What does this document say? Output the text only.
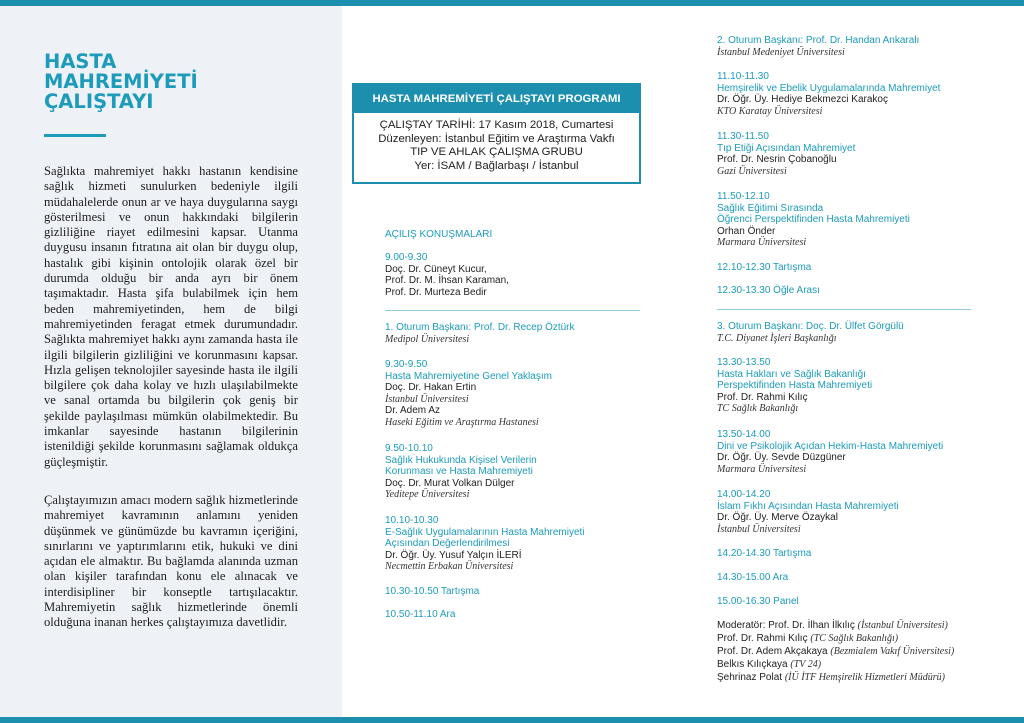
HASTA
MAHREMİYETİ
ÇALIŞTAYI

Sağlıkta mahremiyet hakkı hastanın kendisine sağlık hizmeti sunulurken bedeniyle ilgili müdahalelerde onun ar ve haya duygularına saygı gösterilmesi ve onun hakkındaki bilgilerin gizliliğine riayet edilmesini kapsar. Utanma duygusu insanın fıtratına ait olan bir duygu olup, hastalık gibi kişinin ontolojik olarak özel bir durumda olduğu bir anda ayrı bir önem taşımaktadır. Hasta şifa bulabilmek için hem beden mahremiyetinden, hem de bilgi mahremiyetinden feragat etmek durumundadır. Sağlıkta mahremiyet hakkı aynı zamanda hasta ile ilgili bilgilerin gizliliğini ve korunmasını kapsar. Hızla gelişen teknolojiler sayesinde hasta ile ilgili bilgilere çok daha kolay ve hızlı ulaşılabilmekte ve sanal ortamda bu bilgilerin çok geniş bir şekilde paylaşılması mümkün olabilmektedir. Bu imkanlar sayesinde hastanın bilgilerinin istenildiği şekilde korunmasını sağlamak oldukça güçleşmiştir.

Çalıştayımızın amacı modern sağlık hizmetlerinde mahremiyet kavramının anlamını yeniden düşünmek ve günümüzde bu kavramın içeriğini, sınırlarını ve yaptırımlarını etik, hukuki ve dini açıdan ele almaktır. Bu bağlamda alanında uzman olan kişiler tarafından konu ele alınacak ve interdisipliner bir konseptle tartışılacaktır. Mahremiyetin sağlık hizmetlerinde önemli olduğuna inanan herkes çalıştayımıza davetlidir.

HASTA MAHREMİYETİ ÇALIŞTAYI PROGRAMI
ÇALIŞTAY TARİHİ: 17 Kasım 2018, Cumartesi
Düzenleyen: İstanbul Eğitim ve Araştırma Vakfı
TIP VE AHLAK ÇALIŞMA GRUBU
Yer: İSAM / Bağlarbaşı / İstanbul
AÇILIŞ KONUŞMALARI
9.00-9.30
Doç. Dr. Cüneyt Kucur,
Prof. Dr. M. İhsan Karaman,
Prof. Dr. Murteza Bedir
1. Oturum Başkanı: Prof. Dr. Recep Öztürk
Medipol Üniversitesi
9.30-9.50
Hasta Mahremiyetine Genel Yaklaşım
Doç. Dr. Hakan Ertin
İstanbul Üniversitesi
Dr. Adem Az
Haseki Eğitim ve Araştırma Hastanesi
9.50-10.10
Sağlık Hukukunda Kişisel Verilerin
Korunması ve Hasta Mahremiyeti
Doç. Dr. Murat Volkan Dülger
Yeditepe Üniversitesi
10.10-10.30
E-Sağlık Uygulamalarının Hasta Mahremiyeti
Açısından Değerlendirilmesi
Dr. Öğr. Üy. Yusuf Yalçın İLERİ
Necmettin Erbakan Üniversitesi
10.30-10.50 Tartışma
10.50-11.10 Ara
2. Oturum Başkanı: Prof. Dr. Handan Ankaralı
İstanbul Medeniyet Üniversitesi
11.10-11.30
Hemşirelik ve Ebelik Uygulamalarında Mahremiyet
Dr. Öğr. Üy. Hediye Bekmezci Karakoç
KTO Karatay Üniversitesi
11.30-11.50
Tıp Etiği Açısından Mahremiyet
Prof. Dr. Nesrin Çobanoğlu
Gazi Üniversitesi
11.50-12.10
Sağlık Eğitimi Sırasında
Öğrenci Perspektifinden Hasta Mahremiyeti
Orhan Önder
Marmara Üniversitesi
12.10-12.30 Tartışma
12.30-13.30 Öğle Arası
3. Oturum Başkanı: Doç. Dr. Ülfet Görgülü
T.C. Diyanet İşleri Başkanlığı
13.30-13.50
Hasta Hakları ve Sağlık Bakanlığı
Perspektifinden Hasta Mahremiyeti
Prof. Dr. Rahmi Kılıç
TC Sağlık Bakanlığı
13.50-14.00
Dini ve Psikolojik Açıdan Hekim-Hasta Mahremiyeti
Dr. Öğr. Üy. Sevde Düzgüner
Marmara Üniversitesi
14.00-14.20
İslam Fıkhı Açısından Hasta Mahremiyeti
Dr. Öğr. Üy. Merve Özaykal
İstanbul Üniversitesi
14.20-14.30 Tartışma
14.30-15.00 Ara
15.00-16.30 Panel
Moderatör: Prof. Dr. İlhan İlkılıç (İstanbul Üniversitesi)
Prof. Dr. Rahmi Kılıç (TC Sağlık Bakanlığı)
Prof. Dr. Adem Akçakaya (Bezmialem Vakıf Üniversitesi)
Belkıs Kılıçkaya (TV 24)
Şehrinaz Polat (İÜ İTF Hemşirelik Hizmetleri Müdürü)
